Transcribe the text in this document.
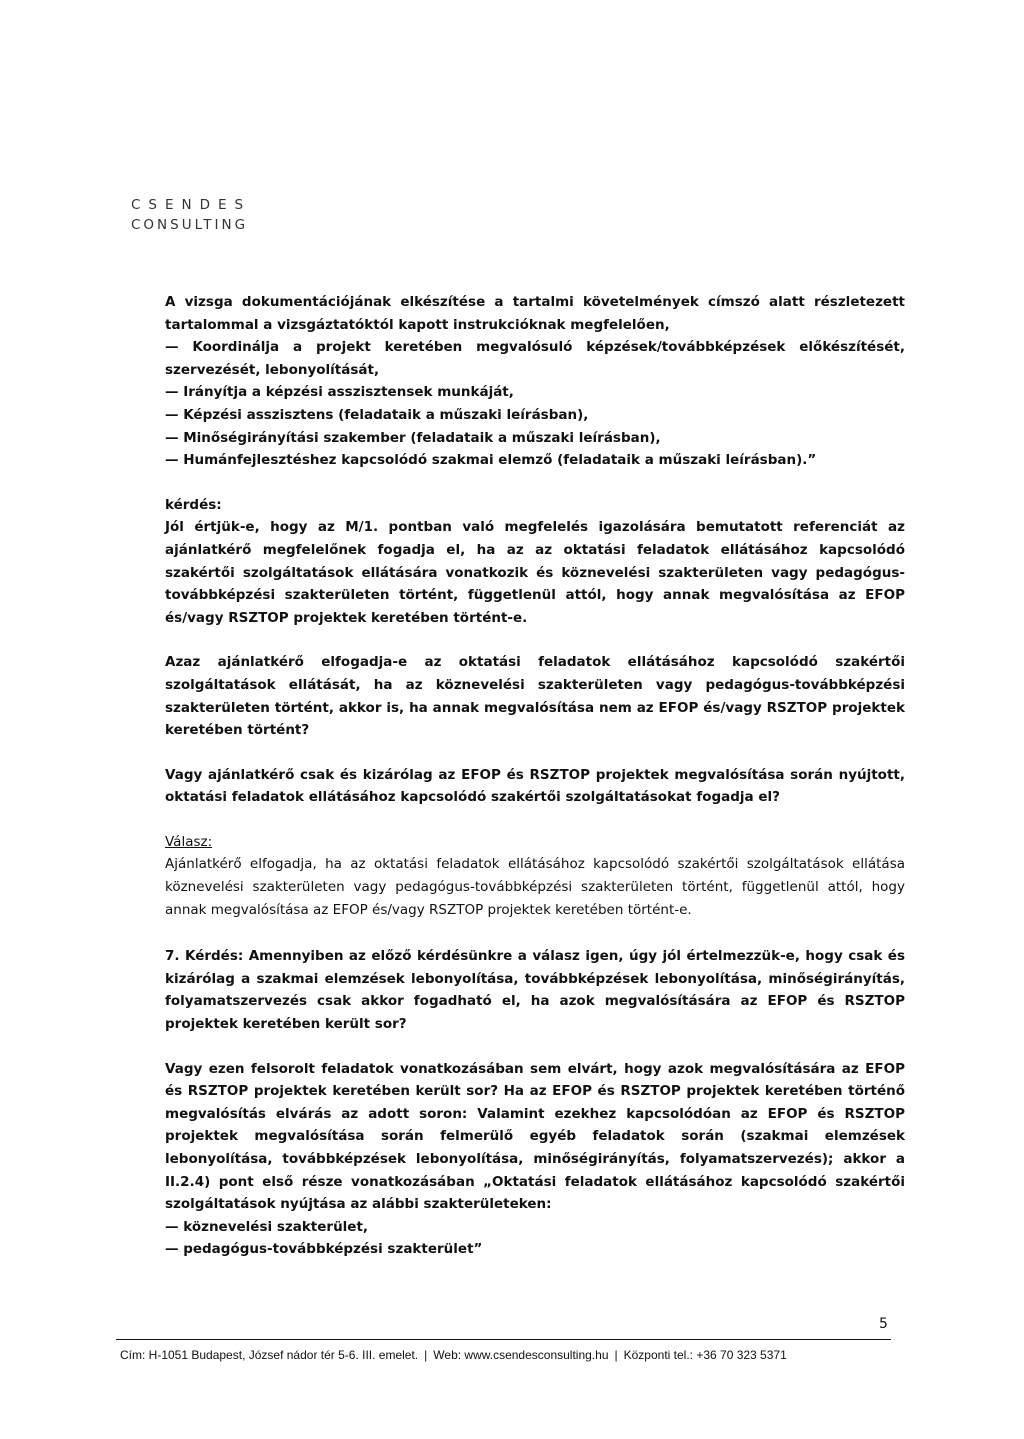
CSENDES
CONSULTING

A vizsga dokumentációjának elkészítése a tartalmi követelmények címszó alatt részletezett tartalommal a vizsgáztatóktól kapott instrukcióknak megfelelően,

— Koordinálja a projekt keretében megvalósuló képzések/továbbképzések előkészítését, szervezését, lebonyolítását,

— Irányítja a képzési asszisztensek munkáját,

— Képzési asszisztens (feladataik a műszaki leírásban),

— Minőségirányítási szakember (feladataik a műszaki leírásban),

— Humánfejlesztéshez kapcsolódó szakmai elemző (feladataik a műszaki leírásban).”

kérdés:

Jól értjük-e, hogy az M/1. pontban való megfelelés igazolására bemutatott referenciát az ajánlatkérő megfelelőnek fogadja el, ha az az oktatási feladatok ellátásához kapcsolódó szakértői szolgáltatások ellátására vonatkozik és köznevelési szakterületen vagy pedagógus-továbbképzési szakterületen történt, függetlenül attól, hogy annak megvalósítása az EFOP és/vagy RSZTOP projektek keretében történt-e.

Azaz ajánlatkérő elfogadja-e az oktatási feladatok ellátásához kapcsolódó szakértői szolgáltatások ellátását, ha az köznevelési szakterületen vagy pedagógus-továbbképzési szakterületen történt, akkor is, ha annak megvalósítása nem az EFOP és/vagy RSZTOP projektek keretében történt?

Vagy ajánlatkérő csak és kizárólag az EFOP és RSZTOP projektek megvalósítása során nyújtott, oktatási feladatok ellátásához kapcsolódó szakértői szolgáltatásokat fogadja el?

Válasz:

Ajánlatkérő elfogadja, ha az oktatási feladatok ellátásához kapcsolódó szakértői szolgáltatások ellátása köznevelési szakterületen vagy pedagógus-továbbképzési szakterületen történt, függetlenül attól, hogy annak megvalósítása az EFOP és/vagy RSZTOP projektek keretében történt-e.

7. Kérdés: Amennyiben az előző kérdésünkre a válasz igen, úgy jól értelmezzük-e, hogy csak és kizárólag a szakmai elemzések lebonyolítása, továbbképzések lebonyolítása, minőségirányítás, folyamatszervezés csak akkor fogadható el, ha azok megvalósítására az EFOP és RSZTOP projektek keretében került sor?

Vagy ezen felsorolt feladatok vonatkozásában sem elvárt, hogy azok megvalósítására az EFOP és RSZTOP projektek keretében került sor? Ha az EFOP és RSZTOP projektek keretében történő megvalósítás elvárás az adott soron: Valamint ezekhez kapcsolódóan az EFOP és RSZTOP projektek megvalósítása során felmerülő egyéb feladatok során (szakmai elemzések lebonyolítása, továbbképzések lebonyolítása, minőségirányítás, folyamatszervezés); akkor a II.2.4) pont első része vonatkozásában „Oktatási feladatok ellátásához kapcsolódó szakértői szolgáltatások nyújtása az alábbi szakterületeken:

— köznevelési szakterület,

— pedagógus-továbbképzési szakterület”

5
Cím: H-1051 Budapest, József nádor tér 5-6. III. emelet. | Web: www.csendesconsulting.hu | Központi tel.: +36 70 323 5371
